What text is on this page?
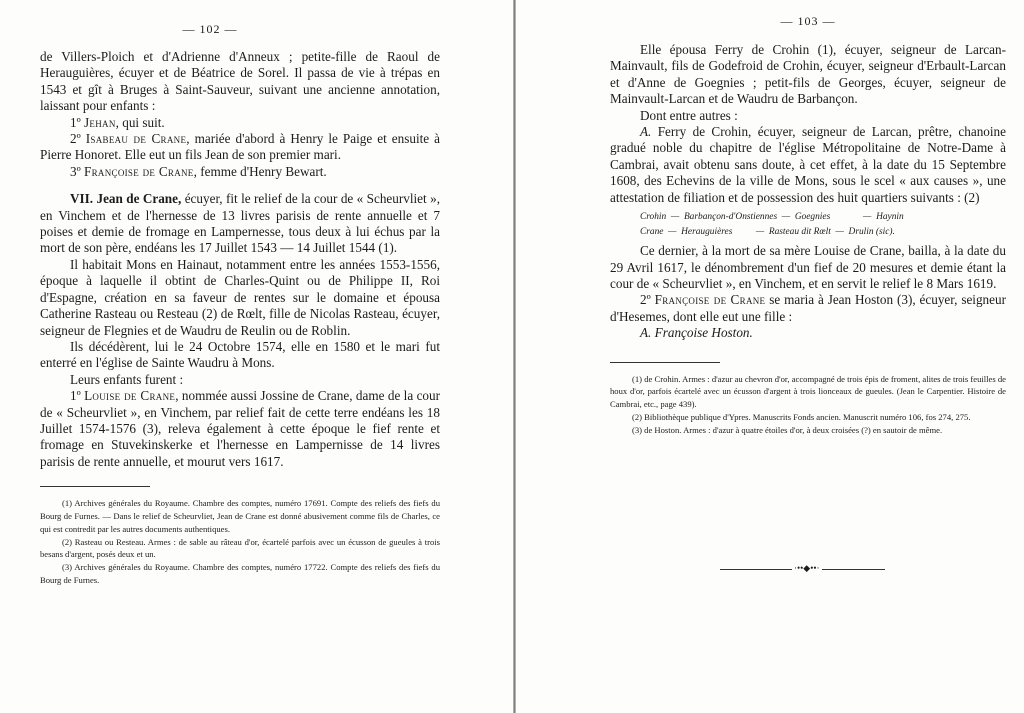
— 102 —

de Villers-Ploich et d'Adrienne d'Anneux ; petite-fille de Raoul de Herauguières, écuyer et de Béatrice de Sorel. Il passa de vie à trépas en 1543 et gît à Bruges à Saint-Sauveur, suivant une ancienne annotation, laissant pour enfants :

1º Jehan, qui suit.

2º Isabeau de Crane, mariée d'abord à Henry le Paige et ensuite à Pierre Honoret. Elle eut un fils Jean de son premier mari.

3º Françoise de Crane, femme d'Henry Bewart.

VII. Jean de Crane, écuyer, fit le relief de la cour de « Scheurvliet », en Vinchem et de l'hernesse de 13 livres parisis de rente annuelle et 7 poises et demie de fromage en Lampernesse, tous deux à lui échus par la mort de son père, endéans les 17 Juillet 1543 — 14 Juillet 1544 (1).

Il habitait Mons en Hainaut, notamment entre les années 1553-1556, époque à laquelle il obtint de Charles-Quint ou de Philippe II, Roi d'Espagne, création en sa faveur de rentes sur le domaine et épousa Catherine Rasteau ou Resteau (2) de Rœlt, fille de Nicolas Rasteau, écuyer, seigneur de Flegnies et de Waudru de Reulin ou de Roblin.

Ils décédèrent, lui le 24 Octobre 1574, elle en 1580 et le mari fut enterré en l'église de Sainte Waudru à Mons.

Leurs enfants furent :

1º Louise de Crane, nommée aussi Jossine de Crane, dame de la cour de « Scheurvliet », en Vinchem, par relief fait de cette terre endéans les 18 Juillet 1574-1576 (3), releva également à cette époque le fief rente et fromage en Stuvekinskerke et l'hernesse en Lampernisse de 14 livres parisis de rente annuelle, et mourut vers 1617.

(1) Archives générales du Royaume. Chambre des comptes, numéro 17691. Compte des reliefs des fiefs du Bourg de Furnes. — Dans le relief de Scheurvliet, Jean de Crane est donné abusivement comme fils de Charles, ce qui est contredit par les autres documents authentiques.

(2) Rasteau ou Resteau. Armes : de sable au râteau d'or, écartelé parfois avec un écusson de gueules à trois besans d'argent, posés deux et un.

(3) Archives générales du Royaume. Chambre des comptes, numéro 17722. Compte des reliefs des fiefs du Bourg de Furnes.

— 103 —

Elle épousa Ferry de Crohin (1), écuyer, seigneur de Larcan-Mainvault, fils de Godefroid de Crohin, écuyer, seigneur d'Erbault-Larcan et d'Anne de Goegnies ; petit-fils de Georges, écuyer, seigneur de Mainvault-Larcan et de Waudru de Barbançon.

Dont entre autres :

A. Ferry de Crohin, écuyer, seigneur de Larcan, prêtre, chanoine gradué noble du chapitre de l'église Métropolitaine de Notre-Dame à Cambrai, avait obtenu sans doute, à cet effet, à la date du 15 Septembre 1608, des Echevins de la ville de Mons, sous le scel « aux causes », une attestation de filiation et de possession des huit quartiers suivants : (2)

Crohin  —  Barbançon-d'Onstiennes  —  Goegnies              —  Haynin
Crane  —  Herauguières          —  Rasteau dit Rœlt  —  Drulin (sic).

Ce dernier, à la mort de sa mère Louise de Crane, bailla, à la date du 29 Avril 1617, le dénombrement d'un fief de 20 mesures et demie étant la cour de « Scheurvliet », en Vinchem, et en servit le relief le 8 Mars 1619.

2º Françoise de Crane se maria à Jean Hoston (3), écuyer, seigneur d'Hesemes, dont elle eut une fille :

A. Françoise Hoston.

(1) de Crohin. Armes : d'azur au chevron d'or, accompagné de trois épis de froment, alites de trois feuilles de houx d'or, parfois écartelé avec un écusson d'argent à trois lionceaux de gueules. (Jean le Carpentier. Histoire de Cambrai, etc., page 439).

(2) Bibliothèque publique d'Ypres. Manuscrits Fonds ancien. Manuscrit numéro 106, fos 274, 275.

(3) de Hoston. Armes : d'azur à quatre étoiles d'or, à deux croisées (?) en sautoir de même.

·••◆••·
